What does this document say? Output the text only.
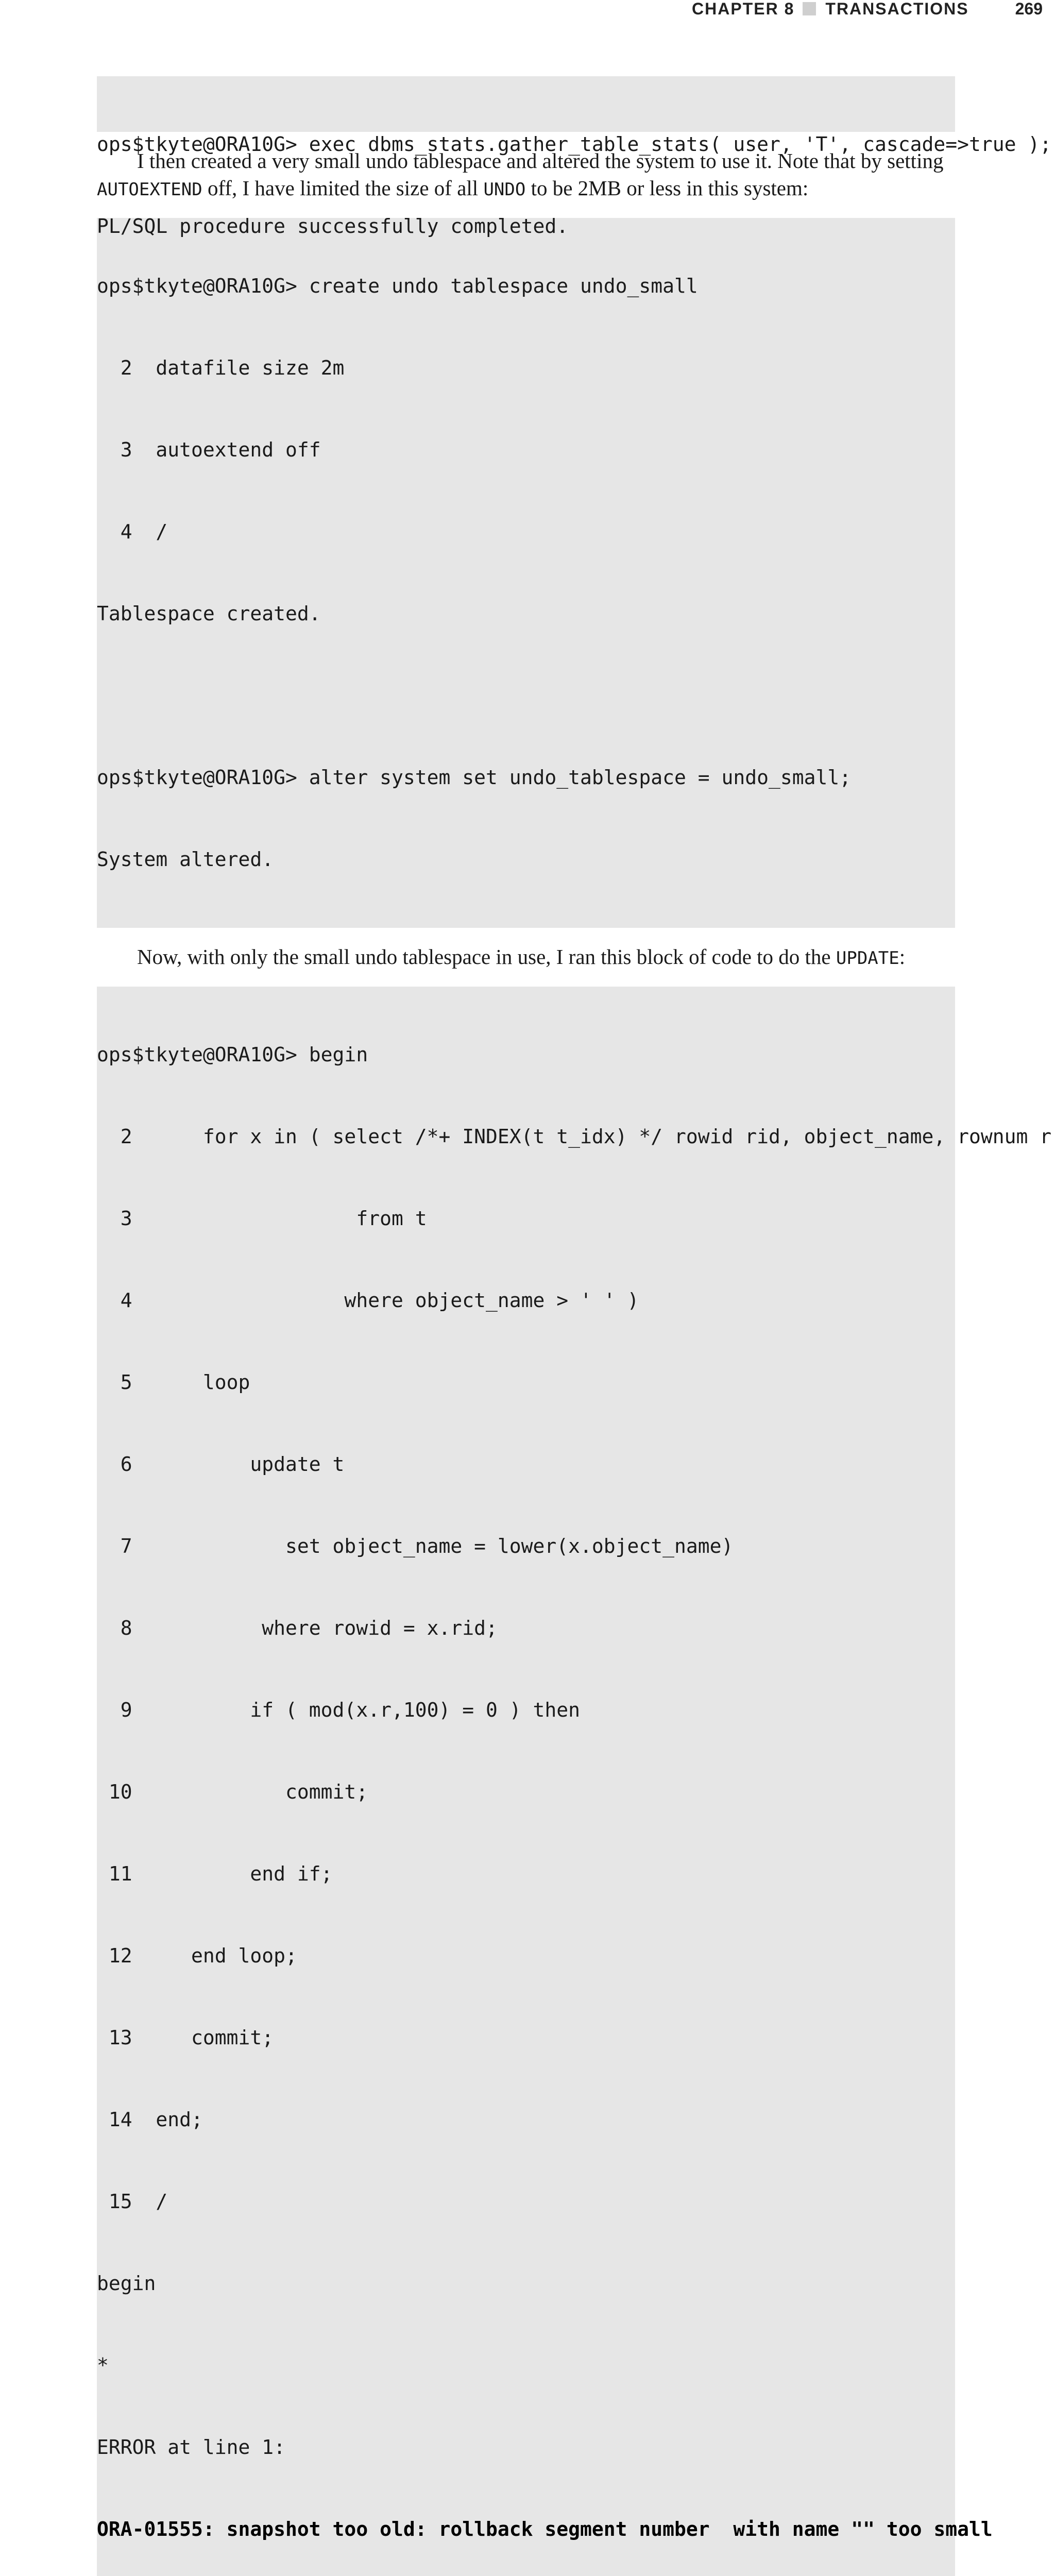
CHAPTER 8 TRANSACTIONS	269

ops$tkyte@ORA10G> exec dbms_stats.gather_table_stats( user, 'T', cascade=>true );

PL/SQL procedure successfully completed.

I then created a very small undo tablespace and altered the system to use it. Note that by setting AUTOEXTEND off, I have limited the size of all UNDO to be 2MB or less in this system:

ops$tkyte@ORA10G> create undo tablespace undo_small

2  datafile size 2m

3  autoextend off

4  /

Tablespace created.

ops$tkyte@ORA10G> alter system set undo_tablespace = undo_small;

System altered.

Now, with only the small undo tablespace in use, I ran this block of code to do the UPDATE:

ops$tkyte@ORA10G> begin

2      for x in ( select /*+ INDEX(t t_idx) */ rowid rid, object_name, rownum r

3                   from t

4                  where object_name > ' ' )

5      loop

6          update t

7             set object_name = lower(x.object_name)

8           where rowid = x.rid;

9          if ( mod(x.r,100) = 0 ) then

10             commit;

11          end if;

12     end loop;

13     commit;

14  end;

15  /

begin

*

ERROR at line 1:

ORA-01555: snapshot too old: rollback segment number  with name "" too small
